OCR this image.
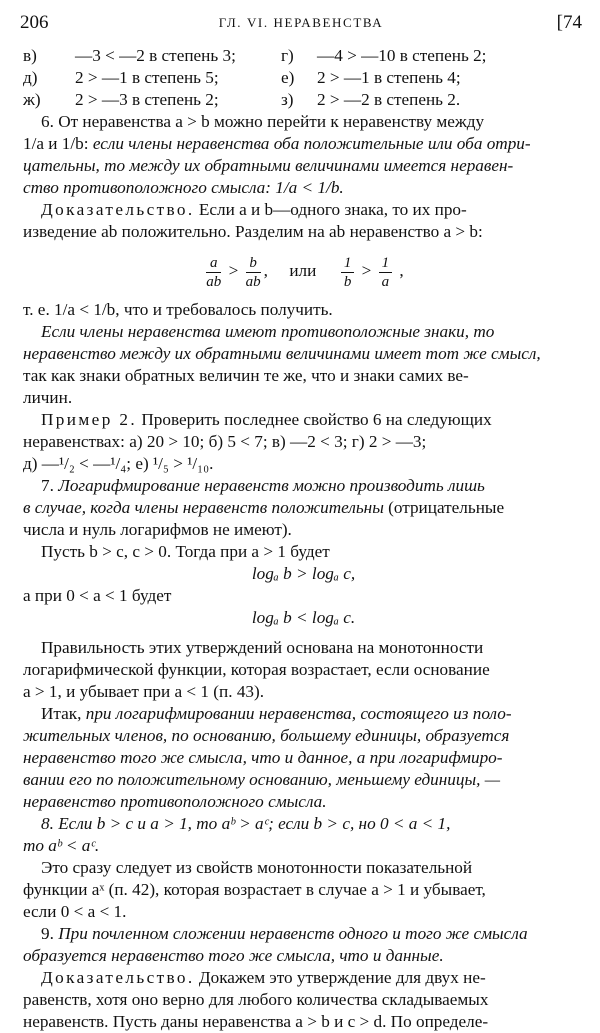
206	ГЛ. VI. НЕРАВЕНСТВА	[74
в)	—3 < —2 в степень 3;	г)	—4 > —10 в степень 2;
д)	2 > —1 в степень 5;	е)	2 > —1 в степень 4;
ж)	2 > —3 в степень 2;	з)	2 > —2 в степень 2.
6. От неравенства a > b можно перейти к неравенству между
1/a и 1/b: если члены неравенства оба положительные или оба отри-
цательны, то между их обратными величинами имеется неравен-
ство противоположного смысла: 1/a < 1/b.
Доказательство. Если a и b—одного знака, то их про-
изведение ab положительно. Разделим на ab неравенство a > b:
$\frac{a}{ab} > \frac{b}{ab}$ ,     или $\frac{1}{b} > \frac{1}{a}$ ,
т. е. 1/a < 1/b, что и требовалось получить.
Если члены неравенства имеют противоположные знаки, то
неравенство между их обратными величинами имеет тот же смысл,
так как знаки обратных величин те же, что и знаки самих ве-
личин.
Пример 2. Проверить последнее свойство 6 на следующих
неравенствах: а) 20 > 10; б) 5 < 7; в) —2 < 3; г) 2 > —3;
д) —¹/₂ < —¹/₄; е) ¹/₅ > ¹/₁₀.
7. Логарифмирование неравенств можно производить лишь
в случае, когда члены неравенств положительны (отрицательные
числа и нуль логарифмов не имеют).
Пусть b > c, c > 0. Тогда при a > 1 будет
logₐ b > logₐ c,
а при 0 < a < 1 будет
logₐ b < logₐ c.
Правильность этих утверждений основана на монотонности
логарифмической функции, которая возрастает, если основание
a > 1, и убывает при a < 1 (п. 43).
Итак, при логарифмировании неравенства, состоящего из поло-
жительных членов, по основанию, большему единицы, образуется
неравенство того же смысла, что и данное, а при логарифмиро-
вании его по положительному основанию, меньшему единицы, —
неравенство противоположного смысла.
8. Если b > c и a > 1, то aᵇ > aᶜ; если b > c, но 0 < a < 1,
то aᵇ < aᶜ.
Это сразу следует из свойств монотонности показательной
функции aˣ (п. 42), которая возрастает в случае a > 1 и убывает,
если 0 < a < 1.
9. При почленном сложении неравенств одного и того же смысла
образуется неравенство того же смысла, что и данные.
Доказательство. Докажем это утверждение для двух не-
равенств, хотя оно верно для любого количества складываемых
неравенств. Пусть даны неравенства a > b и c > d. По определе-
